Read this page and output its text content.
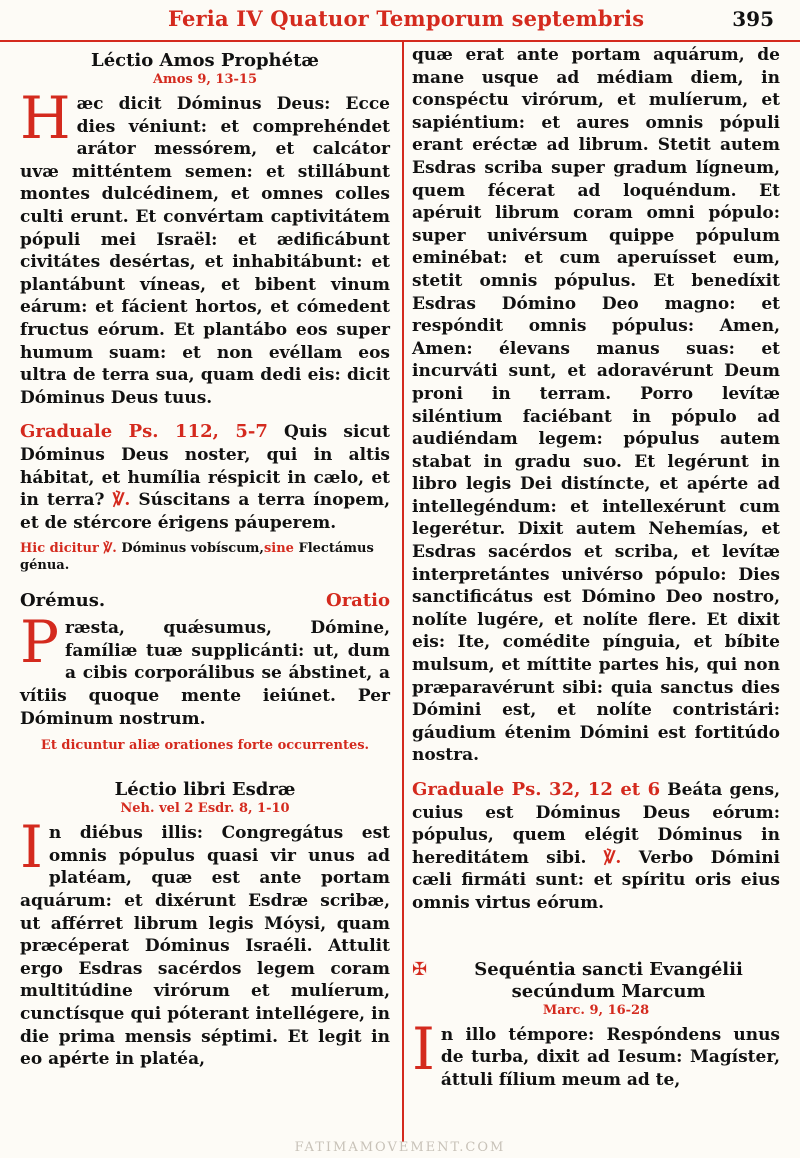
Feria IV Quatuor Temporum septembris	395
Léctio Amos Prophétæ
Amos 9, 13-15

Hæc dicit Dóminus Deus: Ecce dies véniunt: et comprehéndet arátor messórem, et calcátor uvæ mitténtem semen: et stillábunt montes dulcédinem, et omnes colles culti erunt. Et convértam captivitátem pópuli mei Israël: et ædificábunt civitátes desértas, et inhabitábunt: et plantábunt víneas, et bibent vinum eárum: et fácient hortos, et cómedent fructus eórum. Et plantábo eos super humum suam: et non evéllam eos ultra de terra sua, quam dedi eis: dicit Dóminus Deus tuus.

Graduale Ps. 112, 5-7 Quis sicut Dóminus Deus noster, qui in altis hábitat, et humília réspicit in cælo, et in terra? ℣. Súscitans a terra ínopem, et de stércore érigens páuperem.

Hic dicitur ℣. Dóminus vobíscum,sine Flectámus génua.
Orémus.	Oratio

Præsta, quǽsumus, Dómine, famíliæ tuæ supplicánti: ut, dum a cibis corporálibus se ábstinet, a vítiis quoque mente ieiúnet. Per Dóminum nostrum.

Et dicuntur aliæ orationes forte occurrentes.
Léctio libri Esdræ
Neh. vel 2 Esdr. 8, 1-10

In diébus illis: Congregátus est omnis pópulus quasi vir unus ad platéam, quæ est ante portam aquárum: et dixérunt Esdræ scribæ, ut afférret librum legis Móysi, quam præcéperat Dóminus Israéli. Attulit ergo Esdras sacérdos legem coram multitúdine virórum et mulíerum, cunctísque qui póterant intellégere, in die prima mensis séptimi. Et legit in eo apérte in platéa,

quæ erat ante portam aquárum, de mane usque ad médiam diem, in conspéctu virórum, et mulíerum, et sapiéntium: et aures omnis pópuli erant eréctæ ad librum. Stetit autem Esdras scriba super gradum lígneum, quem fécerat ad loquéndum. Et apéruit librum coram omni pópulo: super univérsum quippe pópulum eminébat: et cum aperuísset eum, stetit omnis pópulus. Et benedíxit Esdras Dómino Deo magno: et respóndit omnis pópulus: Amen, Amen: élevans manus suas: et incurváti sunt, et adoravérunt Deum proni in terram. Porro levítæ siléntium faciébant in pópulo ad audiéndam legem: pópulus autem stabat in gradu suo. Et legérunt in libro legis Dei distíncte, et apérte ad intellegéndum: et intellexérunt cum legerétur. Dixit autem Nehemías, et Esdras sacérdos et scriba, et levítæ interpretántes univérso pópulo: Dies sanctificátus est Dómino Deo nostro, nolíte lugére, et nolíte flere. Et dixit eis: Ite, comédite pínguia, et bíbite mulsum, et míttite partes his, qui non præparavérunt sibi: quia sanctus dies Dómini est, et nolíte contristári: gáudium étenim Dómini est fortitúdo nostra.

Graduale Ps. 32, 12 et 6 Beáta gens, cuius est Dóminus Deus eórum: pópulus, quem elégit Dóminus in hereditátem sibi. ℣. Verbo Dómini cæli firmáti sunt: et spíritu oris eius omnis virtus eórum.

✠	Sequéntia sancti Evangélii secúndum Marcum
Marc. 9, 16-28

In illo témpore: Respóndens unus de turba, dixit ad Iesum: Magíster, áttuli fílium meum ad te,

FATIMAMOVEMENT.COM
